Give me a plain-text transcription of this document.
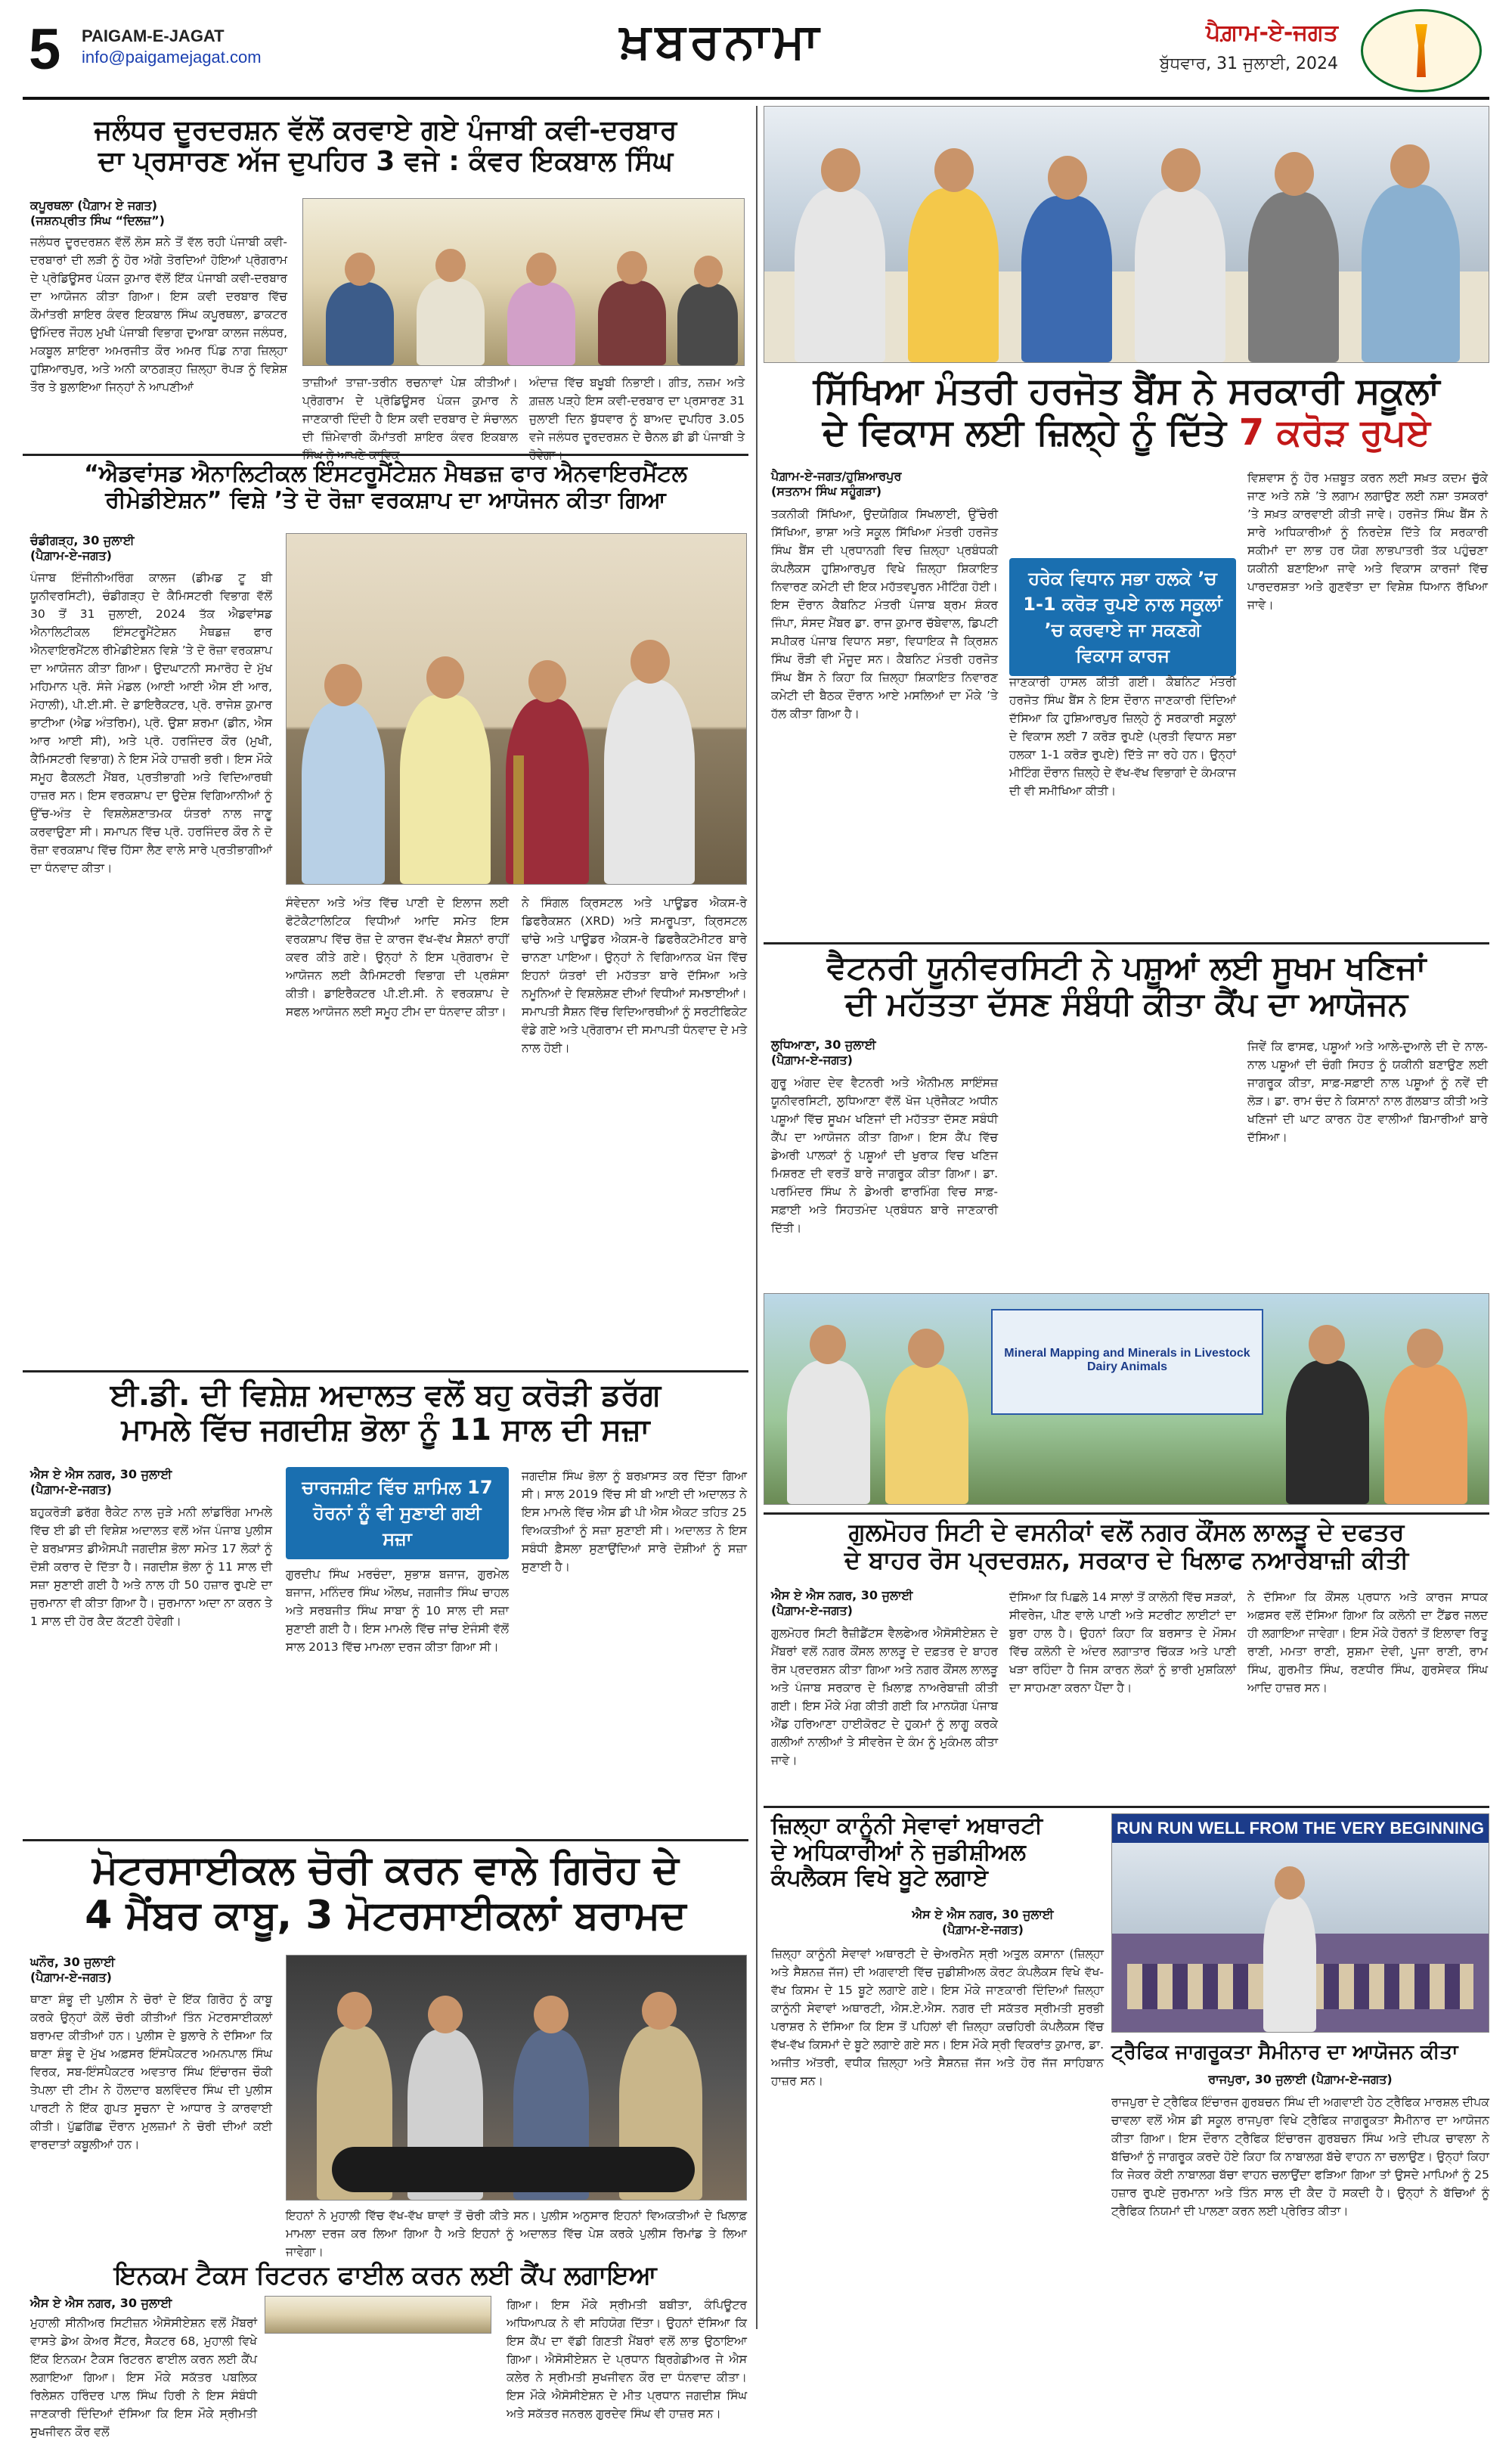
5 PAIGAM-E-JAGAT
info@paigamejagat.com	ਖ਼ਬਰਨਾਮਾ	ਪੈਗ਼ਾਮ-ਏ-ਜਗਤ
ਬੁੱਧਵਾਰ, 31 ਜੁਲਾਈ, 2024
ਜਲੰਧਰ ਦੂਰਦਰਸ਼ਨ ਵੱਲੋਂ ਕਰਵਾਏ ਗਏ ਪੰਜਾਬੀ ਕਵੀ-ਦਰਬਾਰ
ਦਾ ਪ੍ਰਸਾਰਣ ਅੱਜ ਦੁਪਹਿਰ 3 ਵਜੇ : ਕੰਵਰ ਇਕਬਾਲ ਸਿੰਘ
ਕਪੂਰਥਲਾ (ਪੈਗ਼ਾਮ ਏ ਜਗਤ)
(ਜਸ਼ਨਪ੍ਰੀਤ ਸਿੰਘ “ਦਿਲਜ਼”)
ਜਲੰਧਰ ਦੂਰਦਰਸ਼ਨ ਵੱਲੋਂ ਲੋਸ ਸ਼ਨੇ ਤੋਂ ਵੱਲ ਰਹੀ ਪੰਜਾਬੀ ਕਵੀ-ਦਰਬਾਰਾਂ ਦੀ ਲੜੀ ਨੂੰ ਹੋਰ ਅੱਗੇ ਤੋਰਦਿਆਂ ਹੋਇਆਂ ਪ੍ਰੋਗਰਾਮ ਦੇ ਪ੍ਰੋਡਿਊਸਰ ਪੰਕਜ ਕੁਮਾਰ ਵੱਲੋਂ ਇੱਕ ਪੰਜਾਬੀ ਕਵੀ-ਦਰਬਾਰ ਦਾ ਆਯੋਜਨ ਕੀਤਾ ਗਿਆ। ਇਸ ਕਵੀ ਦਰਬਾਰ ਵਿੱਚ ਕੌਮਾਂਤਰੀ ਸ਼ਾਇਰ ਕੰਵਰ ਇਕਬਾਲ ਸਿੰਘ ਕਪੂਰਥਲਾ, ਡਾਕਟਰ ਉਮਿੰਦਰ ਜੌਹਲ ਮੁਖੀ ਪੰਜਾਬੀ ਵਿਭਾਗ ਦੁਆਬਾ ਕਾਲਜ ਜਲੰਧਰ, ਮਕਬੂਲ ਸ਼ਾਇਰਾ ਅਮਰਜੀਤ ਕੌਰ ਅਮਰ ਪਿੰਡ ਨਾਗ ਜ਼ਿਲ੍ਹਾ ਹੁਸ਼ਿਆਰਪੁਰ, ਅਤੇ ਅਨੀ ਕਾਠਗੜ੍ਹ ਜ਼ਿਲ੍ਹਾ ਰੋਪੜ ਨੂੰ ਵਿਸ਼ੇਸ਼ ਤੌਰ ਤੇ ਬੁਲਾਇਆ ਜਿਨ੍ਹਾਂ ਨੇ ਆਪਣੀਆਂ	ਤਾਜ਼ੀਆਂ ਤਾਜ਼ਾ-ਤਰੀਨ ਰਚਨਾਵਾਂ ਪੇਸ਼ ਕੀਤੀਆਂ। ਪ੍ਰੋਗਰਾਮ ਦੇ ਪ੍ਰੋਡਿਊਸਰ ਪੰਕਜ ਕੁਮਾਰ ਨੇ ਜਾਣਕਾਰੀ ਦਿੰਦੀ ਹੈ ਇਸ ਕਵੀ ਦਰਬਾਰ ਦੇ ਸੰਚਾਲਨ ਦੀ ਜ਼ਿੰਮੇਵਾਰੀ ਕੌਮਾਂਤਰੀ ਸ਼ਾਇਰ ਕੰਵਰ ਇਕਬਾਲ
ਅੰਦਾਜ਼ ਵਿੱਚ ਬਖੂਬੀ ਨਿਭਾਈ। ਗੀਤ, ਨਜ਼ਮ ਅਤੇ ਗ਼ਜ਼ਲ ਪੜ੍ਹੇ ਇਸ ਕਵੀ-ਦਰਬਾਰ ਦਾ ਪ੍ਰਸਾਰਣ 31 ਜੁਲਾਈ ਦਿਨ ਬੁੱਧਵਾਰ ਨੂੰ ਬਾਅਦ ਦੁਪਹਿਰ 3.05 ਵਜੇ ਜਲੰਧਰ ਦੂਰਦਰਸ਼ਨ ਦੇ ਚੈਨਲ ਡੀ ਡੀ ਪੰਜਾਬੀ ਤੇ
“ਐਡਵਾਂਸਡ ਐਨਾਲਿਟੀਕਲ ਇੰਸਟਰੂਮੈਂਟੇਸ਼ਨ ਮੈਥਡਜ਼ ਫਾਰ ਐਨਵਾਇਰਮੈਂਟਲ
ਰੀਮੇਡੀਏਸ਼ਨ” ਵਿਸ਼ੇ ’ਤੇ ਦੋ ਰੋਜ਼ਾ ਵਰਕਸ਼ਾਪ ਦਾ ਆਯੋਜਨ ਕੀਤਾ ਗਿਆ
ਚੰਡੀਗੜ੍ਹ, 30 ਜੁਲਾਈ
(ਪੈਗ਼ਾਮ-ਏ-ਜਗਤ)
ਪੰਜਾਬ ਇੰਜੀਨੀਅਰਿੰਗ ਕਾਲਜ (ਡੀਮਡ ਟੂ ਬੀ ਯੂਨੀਵਰਸਿਟੀ), ਚੰਡੀਗੜ੍ਹ ਦੇ ਕੈਮਿਸਟਰੀ ਵਿਭਾਗ ਵੱਲੋਂ 30 ਤੋਂ 31 ਜੁਲਾਈ, 2024 ਤੱਕ ਐਡਵਾਂਸਡ ਐਨਾਲਿਟੀਕਲ ਇੰਸਟਰੂਮੈਂਟੇਸ਼ਨ ਮੈਥਡਜ਼ ਫਾਰ ਐਨਵਾਇਰਮੈਂਟਲ ਰੀਮੇਡੀਏਸ਼ਨ ਵਿਸ਼ੇ ’ਤੇ ਦੋ ਰੋਜ਼ਾ ਵਰਕਸ਼ਾਪ ਦਾ ਆਯੋਜਨ ਕੀਤਾ ਗਿਆ। ਉਦਘਾਟਨੀ ਸਮਾਰੋਹ ਦੇ ਮੁੱਖ ਮਹਿਮਾਨ ਪ੍ਰੋ. ਸੰਜੇ ਮੰਡਲ (ਆਈ ਆਈ ਐਸ ਈ ਆਰ, ਮੋਹਾਲੀ), ਪੀ.ਈ.ਸੀ. ਦੇ ਡਾਇਰੈਕਟਰ, ਪ੍ਰੋ. ਰਾਜੇਸ਼ ਕੁਮਾਰ ਭਾਟੀਆ (ਐਡ ਅੰਤਰਿਮ), ਪ੍ਰੋ. ਉਸ਼ਾ ਸ਼ਰਮਾ (ਡੀਨ, ਐਸ ਆਰ ਆਈ ਸੀ), ਅਤੇ ਪ੍ਰੋ. ਹਰਜਿੰਦਰ ਕੌਰ (ਮੁਖੀ, ਕੈਮਿਸਟਰੀ ਵਿਭਾਗ) ਨੇ ਇਸ ਮੌਕੇ ਹਾਜ਼ਰੀ ਭਰੀ। ਇਸ ਮੌਕੇ ਸਮੂਹ ਫੈਕਲਟੀ ਮੈਂਬਰ, ਪ੍ਰਤੀਭਾਗੀ ਅਤੇ ਵਿਦਿਆਰਥੀ ਹਾਜ਼ਰ ਸਨ। ਇਸ ਵਰਕਸ਼ਾਪ ਦਾ ਉਦੇਸ਼ ਵਿਗਿਆਨੀਆਂ ਨੂੰ ਉੱਚ-ਅੰਤ ਦੇ ਵਿਸ਼ਲੇਸ਼ਣਾਤਮਕ ਯੰਤਰਾਂ ਨਾਲ ਜਾਣੂ ਕਰਵਾਉਣਾ ਸੀ। ਸਮਾਪਨ ਵਿੱਚ ਪ੍ਰੋ. ਹਰਜਿੰਦਰ ਕੌਰ ਨੇ ਦੋ ਰੋਜ਼ਾ ਵਰਕਸ਼ਾਪ ਵਿੱਚ ਹਿੱਸਾ ਲੈਣ ਵਾਲੇ ਸਾਰੇ ਪ੍ਰਤੀਭਾਗੀਆਂ ਦਾ ਧੰਨਵਾਦ ਕੀਤਾ।
ਸੰਵੇਦਨਾ ਅਤੇ ਅੰਤ ਵਿੱਚ ਪਾਣੀ ਦੇ ਇਲਾਜ ਲਈ ਫੋਟੋਕੈਟਾਲਿਟਿਕ ਵਿਧੀਆਂ ਆਦਿ ਸਮੇਤ ਇਸ ਵਰਕਸ਼ਾਪ ਵਿੱਚ ਰੋਜ਼ ਦੇ ਕਾਰਜ ਵੱਖ-ਵੱਖ ਸੈਸ਼ਨਾਂ ਰਾਹੀਂ ਕਵਰ ਕੀਤੇ ਗਏ। ਉਨ੍ਹਾਂ ਨੇ ਇਸ ਪ੍ਰੋਗਰਾਮ ਦੇ ਆਯੋਜਨ ਲਈ ਕੈਮਿਸਟਰੀ ਵਿਭਾਗ ਦੀ ਪ੍ਰਸ਼ੰਸਾ ਕੀਤੀ। ਡਾਇਰੈਕਟਰ ਪੀ.ਈ.ਸੀ. ਨੇ ਵਰਕਸ਼ਾਪ ਦੇ ਸਫਲ ਆਯੋਜਨ ਲਈ ਸਮੂਹ ਟੀਮ ਦਾ ਧੰਨਵਾਦ ਕੀਤਾ।
ਨੇ ਸਿੰਗਲ ਕ੍ਰਿਸਟਲ ਅਤੇ ਪਾਊਡਰ ਐਕਸ-ਰੇ ਡਿਫਰੈਕਸ਼ਨ (XRD) ਅਤੇ ਸਮਰੂਪਤਾ, ਕ੍ਰਿਸਟਲ ਢਾਂਚੇ ਅਤੇ ਪਾਊਡਰ ਐਕਸ-ਰੇ ਡਿਫਰੈਕਟੋਮੀਟਰ ਬਾਰੇ ਚਾਨਣਾ ਪਾਇਆ। ਉਨ੍ਹਾਂ ਨੇ ਵਿਗਿਆਨਕ ਖੋਜ ਵਿੱਚ ਇਹਨਾਂ ਯੰਤਰਾਂ ਦੀ ਮਹੱਤਤਾ ਬਾਰੇ ਦੱਸਿਆ ਅਤੇ ਨਮੂਨਿਆਂ ਦੇ ਵਿਸ਼ਲੇਸ਼ਣ ਦੀਆਂ ਵਿਧੀਆਂ ਸਮਝਾਈਆਂ। ਸਮਾਪਤੀ ਸੈਸ਼ਨ ਵਿੱਚ ਵਿਦਿਆਰਥੀਆਂ ਨੂੰ ਸਰਟੀਫਿਕੇਟ ਵੰਡੇ ਗਏ ਅਤੇ ਪ੍ਰੋਗਰਾਮ ਦੀ ਸਮਾਪਤੀ ਧੰਨਵਾਦ ਦੇ ਮਤੇ ਨਾਲ ਹੋਈ।
ਈ.ਡੀ. ਦੀ ਵਿਸ਼ੇਸ਼ ਅਦਾਲਤ ਵਲੋਂ ਬਹੁ ਕਰੋੜੀ ਡਰੱਗ
ਮਾਮਲੇ ਵਿੱਚ ਜਗਦੀਸ਼ ਭੋਲਾ ਨੂੰ 11 ਸਾਲ ਦੀ ਸਜ਼ਾ
ਐਸ ਏ ਐਸ ਨਗਰ, 30 ਜੁਲਾਈ
(ਪੈਗ਼ਾਮ-ਏ-ਜਗਤ)
ਬਹੁਕਰੋੜੀ ਡਰੱਗ ਰੈਕੇਟ ਨਾਲ ਜੁੜੇ ਮਨੀ ਲਾਂਡਰਿੰਗ ਮਾਮਲੇ ਵਿੱਚ ਈ ਡੀ ਦੀ ਵਿਸ਼ੇਸ਼ ਅਦਾਲਤ ਵਲੋਂ ਅੱਜ ਪੰਜਾਬ ਪੁਲੀਸ ਦੇ ਬਰਖ਼ਾਸਤ ਡੀਐਸਪੀ ਜਗਦੀਸ਼ ਭੋਲਾ ਸਮੇਤ 17 ਲੋਕਾਂ ਨੂੰ ਦੋਸ਼ੀ ਕਰਾਰ ਦੇ ਦਿੱਤਾ ਹੈ। ਜਗਦੀਸ਼ ਭੋਲਾ ਨੂੰ 11 ਸਾਲ ਦੀ ਸਜ਼ਾ ਸੁਣਾਈ ਗਈ ਹੈ ਅਤੇ ਨਾਲ ਹੀ 50 ਹਜ਼ਾਰ ਰੁਪਏ ਦਾ ਜੁਰਮਾਨਾ ਵੀ ਕੀਤਾ ਗਿਆ ਹੈ। ਜੁਰਮਾਨਾ ਅਦਾ ਨਾ ਕਰਨ ਤੇ 1 ਸਾਲ ਦੀ ਹੋਰ ਕੈਦ ਕੱਟਣੀ ਹੋਵੇਗੀ।
ਚਾਰਜਸ਼ੀਟ ਵਿੱਚ ਸ਼ਾਮਿਲ 17 ਹੋਰਨਾਂ ਨੂੰ ਵੀ ਸੁਣਾਈ ਗਈ ਸਜ਼ਾ
ਗੁਰਦੀਪ ਸਿੰਘ ਮਰਚੰਦਾ, ਸੁਭਾਸ਼ ਬਜਾਜ, ਗੁਰਮੇਲ ਬਜਾਜ, ਮਨਿੰਦਰ ਸਿੰਘ ਔਲਖ, ਜਗਜੀਤ ਸਿੰਘ ਚਾਹਲ ਅਤੇ ਸਰਬਜੀਤ ਸਿੰਘ ਸਾਬਾ ਨੂੰ 10 ਸਾਲ ਦੀ ਸਜ਼ਾ ਸੁਣਾਈ ਗਈ ਹੈ। ਇਸ ਮਾਮਲੇ ਵਿੱਚ ਜਾਂਚ ਏਜੰਸੀ ਵੱਲੋਂ ਸਾਲ 2013 ਵਿੱਚ ਮਾਮਲਾ ਦਰਜ ਕੀਤਾ ਗਿਆ ਸੀ।
ਜਗਦੀਸ਼ ਸਿੰਘ ਭੋਲਾ ਨੂੰ ਬਰਖ਼ਾਸਤ ਕਰ ਦਿੱਤਾ ਗਿਆ ਸੀ। ਸਾਲ 2019 ਵਿੱਚ ਸੀ ਬੀ ਆਈ ਦੀ ਅਦਾਲਤ ਨੇ ਇਸ ਮਾਮਲੇ ਵਿੱਚ ਐਸ ਡੀ ਪੀ ਐਸ ਐਕਟ ਤਹਿਤ 25 ਵਿਅਕਤੀਆਂ ਨੂੰ ਸਜ਼ਾ ਸੁਣਾਈ ਸੀ। ਅਦਾਲਤ ਨੇ ਇਸ ਸਬੰਧੀ ਫ਼ੈਸਲਾ ਸੁਣਾਉਂਦਿਆਂ ਸਾਰੇ ਦੋਸ਼ੀਆਂ ਨੂੰ ਸਜ਼ਾ ਸੁਣਾਈ ਹੈ।
ਮੋਟਰਸਾਈਕਲ ਚੋਰੀ ਕਰਨ ਵਾਲੇ ਗਿਰੋਹ ਦੇ
4 ਮੈਂਬਰ ਕਾਬੂ, 3 ਮੋਟਰਸਾਈਕਲਾਂ ਬਰਾਮਦ
ਘਨੌਰ, 30 ਜੁਲਾਈ
(ਪੈਗ਼ਾਮ-ਏ-ਜਗਤ)
ਥਾਣਾ ਸ਼ੰਭੂ ਦੀ ਪੁਲੀਸ ਨੇ ਚੋਰਾਂ ਦੇ ਇੱਕ ਗਿਰੋਹ ਨੂੰ ਕਾਬੂ ਕਰਕੇ ਉਨ੍ਹਾਂ ਕੋਲੋਂ ਚੋਰੀ ਕੀਤੀਆਂ ਤਿੰਨ ਮੋਟਰਸਾਈਕਲਾਂ ਬਰਾਮਦ ਕੀਤੀਆਂ ਹਨ। ਪੁਲੀਸ ਦੇ ਬੁਲਾਰੇ ਨੇ ਦੱਸਿਆ ਕਿ ਥਾਣਾ ਸ਼ੰਭੂ ਦੇ ਮੁੱਖ ਅਫ਼ਸਰ ਇੰਸਪੈਕਟਰ ਅਮਨਪਾਲ ਸਿੰਘ ਵਿਰਕ, ਸਬ-ਇੰਸਪੈਕਟਰ ਅਵਤਾਰ ਸਿੰਘ ਇੰਚਾਰਜ ਚੌਕੀ ਤੇਪਲਾ ਦੀ ਟੀਮ ਨੇ ਹੌਲਦਾਰ ਬਲਵਿੰਦਰ ਸਿੰਘ ਦੀ ਪੁਲੀਸ ਪਾਰਟੀ ਨੇ ਇੱਕ ਗੁਪਤ ਸੂਚਨਾ ਦੇ ਆਧਾਰ ਤੇ ਕਾਰਵਾਈ ਕੀਤੀ। ਪੁੱਛਗਿੱਛ ਦੌਰਾਨ ਮੁਲਜ਼ਮਾਂ ਨੇ ਚੋਰੀ ਦੀਆਂ ਕਈ ਵਾਰਦਾਤਾਂ ਕਬੂਲੀਆਂ ਹਨ।
ਇਹਨਾਂ ਨੇ ਮੁਹਾਲੀ ਵਿੱਚ ਵੱਖ-ਵੱਖ ਥਾਵਾਂ ਤੋਂ ਚੋਰੀ ਕੀਤੇ ਸਨ। ਪੁਲੀਸ ਅਨੁਸਾਰ ਇਹਨਾਂ ਵਿਅਕਤੀਆਂ ਦੇ ਖਿਲਾਫ਼ ਮਾਮਲਾ ਦਰਜ ਕਰ ਲਿਆ ਗਿਆ ਹੈ ਅਤੇ ਇਹਨਾਂ ਨੂੰ ਅਦਾਲਤ ਵਿੱਚ ਪੇਸ਼ ਕਰਕੇ ਪੁਲੀਸ ਰਿਮਾਂਡ ਤੇ ਲਿਆ ਜਾਵੇਗਾ।
ਇਨਕਮ ਟੈਕਸ ਰਿਟਰਨ ਫਾਈਲ ਕਰਨ ਲਈ ਕੈਂਪ ਲਗਾਇਆ
ਐਸ ਏ ਐਸ ਨਗਰ, 30 ਜੁਲਾਈ
ਮੁਹਾਲੀ ਸੀਨੀਅਰ ਸਿਟੀਜ਼ਨ ਐਸੋਸੀਏਸ਼ਨ ਵਲੋਂ ਮੈਂਬਰਾਂ ਵਾਸਤੇ ਡੇਅ ਕੇਅਰ ਸੈਂਟਰ, ਸੈਕਟਰ 68, ਮੁਹਾਲੀ ਵਿਖੇ ਇੱਕ ਇਨਕਮ ਟੈਕਸ ਰਿਟਰਨ ਫਾਈਲ ਕਰਨ ਲਈ ਕੈਂਪ ਲਗਾਇਆ ਗਿਆ। ਇਸ ਮੌਕੇ ਸਕੱਤਰ ਪਬਲਿਕ ਰਿਲੇਸ਼ਨ ਹਰਿੰਦਰ ਪਾਲ ਸਿੰਘ ਹਿਰੀ ਨੇ ਇਸ ਸੰਬੰਧੀ ਜਾਣਕਾਰੀ ਦਿੰਦਿਆਂ ਦੱਸਿਆ ਕਿ ਇਸ ਮੌਕੇ ਸ੍ਰੀਮਤੀ ਸੁਖਜੀਵਨ ਕੌਰ ਵਲੋਂ
ਗਿਆ। ਇਸ ਮੌਕੇ ਸ੍ਰੀਮਤੀ ਬਬੀਤਾ, ਕੰਪਿਊਟਰ ਅਧਿਆਪਕ ਨੇ ਵੀ ਸਹਿਯੋਗ ਦਿੱਤਾ। ਉਹਨਾਂ ਦੱਸਿਆ ਕਿ ਇਸ ਕੈਂਪ ਦਾ ਵੱਡੀ ਗਿਣਤੀ ਮੈਂਬਰਾਂ ਵਲੋਂ ਲਾਭ ਉਠਾਇਆ ਗਿਆ। ਐਸੋਸੀਏਸ਼ਨ ਦੇ ਪ੍ਰਧਾਨ ਬ੍ਰਿਗੇਡੀਅਰ ਜੇ ਐਸ ਕਲੇਰ ਨੇ ਸ੍ਰੀਮਤੀ ਸੁਖਜੀਵਨ ਕੌਰ ਦਾ ਧੰਨਵਾਦ ਕੀਤਾ। ਇਸ ਮੌਕੇ ਐਸੋਸੀਏਸ਼ਨ ਦੇ ਮੀਤ ਪ੍ਰਧਾਨ ਜਗਦੀਸ਼ ਸਿੰਘ ਅਤੇ ਸਕੱਤਰ ਜਨਰਲ ਗੁਰਦੇਵ ਸਿੰਘ ਵੀ ਹਾਜ਼ਰ ਸਨ।
ਸਿੱਖਿਆ ਮੰਤਰੀ ਹਰਜੋਤ ਬੈਂਸ ਨੇ ਸਰਕਾਰੀ ਸਕੂਲਾਂ
ਦੇ ਵਿਕਾਸ ਲਈ ਜ਼ਿਲ੍ਹੇ ਨੂੰ ਦਿੱਤੇ 7 ਕਰੋੜ ਰੁਪਏ
ਪੈਗ਼ਾਮ-ਏ-ਜਗਤ/ਹੁਸ਼ਿਆਰਪੁਰ
(ਸਤਨਾਮ ਸਿੰਘ ਸਹੂੰਗੜਾ)
ਤਕਨੀਕੀ ਸਿੱਖਿਆ, ਉਦਯੋਗਿਕ ਸਿਖਲਾਈ, ਉੱਚੇਰੀ ਸਿੱਖਿਆ, ਭਾਸ਼ਾ ਅਤੇ ਸਕੂਲ ਸਿੱਖਿਆ ਮੰਤਰੀ ਹਰਜੋਤ ਸਿੰਘ ਬੈਂਸ ਦੀ ਪ੍ਰਧਾਨਗੀ ਵਿਚ ਜ਼ਿਲ੍ਹਾ ਪ੍ਰਬੰਧਕੀ ਕੰਪਲੈਕਸ ਹੁਸ਼ਿਆਰਪੁਰ ਵਿਖੇ ਜ਼ਿਲ੍ਹਾ ਸ਼ਿਕਾਇਤ ਨਿਵਾਰਣ ਕਮੇਟੀ ਦੀ ਇਕ ਮਹੱਤਵਪੂਰਨ ਮੀਟਿੰਗ ਹੋਈ। ਇਸ ਦੌਰਾਨ ਕੈਬਨਿਟ ਮੰਤਰੀ ਪੰਜਾਬ ਬ੍ਰਮ ਸ਼ੰਕਰ ਜਿੰਪਾ, ਸੰਸਦ ਮੈਂਬਰ ਡਾ. ਰਾਜ ਕੁਮਾਰ ਚੱਬੇਵਾਲ, ਡਿਪਟੀ ਸਪੀਕਰ ਪੰਜਾਬ ਵਿਧਾਨ ਸਭਾ, ਵਿਧਾਇਕ ਜੈ ਕ੍ਰਿਸ਼ਨ ਸਿੰਘ ਰੌੜੀ ਵੀ ਮੌਜੂਦ ਸਨ। ਕੈਬਨਿਟ ਮੰਤਰੀ ਹਰਜੋਤ ਸਿੰਘ ਬੈਂਸ ਨੇ ਕਿਹਾ ਕਿ ਜ਼ਿਲ੍ਹਾ ਸ਼ਿਕਾਇਤ ਨਿਵਾਰਣ ਕਮੇਟੀ ਦੀ ਬੈਠਕ ਦੌਰਾਨ ਆਏ ਮਸਲਿਆਂ ਦਾ ਮੌਕੇ ’ਤੇ ਹੱਲ ਕੀਤਾ ਗਿਆ ਹੈ।
ਹਰੇਕ ਵਿਧਾਨ ਸਭਾ ਹਲਕੇ ’ਚ 1-1 ਕਰੋੜ ਰੁਪਏ ਨਾਲ ਸਕੂਲਾਂ ’ਚ ਕਰਵਾਏ ਜਾ ਸਕਣਗੇ ਵਿਕਾਸ ਕਾਰਜ
ਜਾਣਕਾਰੀ ਹਾਸਲ ਕੀਤੀ ਗਈ। ਕੈਬਨਿਟ ਮੰਤਰੀ ਹਰਜੋਤ ਸਿੰਘ ਬੈਂਸ ਨੇ ਇਸ ਦੌਰਾਨ ਜਾਣਕਾਰੀ ਦਿੰਦਿਆਂ ਦੱਸਿਆ ਕਿ ਹੁਸ਼ਿਆਰਪੁਰ ਜ਼ਿਲ੍ਹੇ ਨੂੰ ਸਰਕਾਰੀ ਸਕੂਲਾਂ ਦੇ ਵਿਕਾਸ ਲਈ 7 ਕਰੋੜ ਰੁਪਏ (ਪ੍ਰਤੀ ਵਿਧਾਨ ਸਭਾ ਹਲਕਾ 1-1 ਕਰੋੜ ਰੁਪਏ) ਦਿੱਤੇ ਜਾ ਰਹੇ ਹਨ। ਉਨ੍ਹਾਂ ਮੀਟਿੰਗ ਦੌਰਾਨ ਜ਼ਿਲ੍ਹੇ ਦੇ ਵੱਖ-ਵੱਖ ਵਿਭਾਗਾਂ ਦੇ ਕੰਮਕਾਜ ਦੀ ਵੀ ਸਮੀਖਿਆ ਕੀਤੀ।
ਵਿਸ਼ਵਾਸ ਨੂੰ ਹੋਰ ਮਜ਼ਬੂਤ ਕਰਨ ਲਈ ਸਖ਼ਤ ਕਦਮ ਚੁੱਕੇ ਜਾਣ ਅਤੇ ਨਸ਼ੇ ’ਤੇ ਲਗਾਮ ਲਗਾਉਣ ਲਈ ਨਸ਼ਾ ਤਸਕਰਾਂ ’ਤੇ ਸਖ਼ਤ ਕਾਰਵਾਈ ਕੀਤੀ ਜਾਵੇ। ਹਰਜੋਤ ਸਿੰਘ ਬੈਂਸ ਨੇ ਸਾਰੇ ਅਧਿਕਾਰੀਆਂ ਨੂੰ ਨਿਰਦੇਸ਼ ਦਿੱਤੇ ਕਿ ਸਰਕਾਰੀ ਸਕੀਮਾਂ ਦਾ ਲਾਭ ਹਰ ਯੋਗ ਲਾਭਪਾਤਰੀ ਤੱਕ ਪਹੁੰਚਣਾ ਯਕੀਨੀ ਬਣਾਇਆ ਜਾਵੇ ਅਤੇ ਵਿਕਾਸ ਕਾਰਜਾਂ ਵਿੱਚ ਪਾਰਦਰਸ਼ਤਾ ਅਤੇ ਗੁਣਵੱਤਾ ਦਾ ਵਿਸ਼ੇਸ਼ ਧਿਆਨ ਰੱਖਿਆ ਜਾਵੇ।
ਵੈਟਨਰੀ ਯੂਨੀਵਰਸਿਟੀ ਨੇ ਪਸ਼ੂਆਂ ਲਈ ਸੂਖਮ ਖਣਿਜਾਂ
ਦੀ ਮਹੱਤਤਾ ਦੱਸਣ ਸੰਬੰਧੀ ਕੀਤਾ ਕੈਂਪ ਦਾ ਆਯੋਜਨ
ਲੁਧਿਆਣਾ, 30 ਜੁਲਾਈ
(ਪੈਗ਼ਾਮ-ਏ-ਜਗਤ)
ਗੁਰੂ ਅੰਗਦ ਦੇਵ ਵੈਟਨਰੀ ਅਤੇ ਐਨੀਮਲ ਸਾਇੰਸਜ਼ ਯੂਨੀਵਰਸਿਟੀ, ਲੁਧਿਆਣਾ ਵੱਲੋਂ ਖੋਜ ਪ੍ਰੋਜੈਕਟ ਅਧੀਨ ਪਸ਼ੂਆਂ ਵਿੱਚ ਸੂਖਮ ਖਣਿਜਾਂ ਦੀ ਮਹੱਤਤਾ ਦੱਸਣ ਸਬੰਧੀ ਕੈਂਪ ਦਾ ਆਯੋਜਨ ਕੀਤਾ ਗਿਆ। ਇਸ ਕੈਂਪ ਵਿੱਚ ਡੇਅਰੀ ਪਾਲਕਾਂ ਨੂੰ ਪਸ਼ੂਆਂ ਦੀ ਖੁਰਾਕ ਵਿਚ ਖਣਿਜ ਮਿਸ਼ਰਣ ਦੀ ਵਰਤੋਂ ਬਾਰੇ ਜਾਗਰੂਕ ਕੀਤਾ ਗਿਆ। ਡਾ. ਪਰਮਿੰਦਰ ਸਿੰਘ ਨੇ ਡੇਅਰੀ ਫਾਰਮਿੰਗ ਵਿਚ ਸਾਫ਼-ਸਫ਼ਾਈ ਅਤੇ ਸਿਹਤਮੰਦ ਪ੍ਰਬੰਧਨ ਬਾਰੇ ਜਾਣਕਾਰੀ ਦਿੱਤੀ।
ਜਿਵੇਂ ਕਿ ਫਾਸਫ, ਪਸ਼ੂਆਂ ਅਤੇ ਆਲੇ-ਦੁਆਲੇ ਦੀ ਦੇ ਨਾਲ-ਨਾਲ ਪਸ਼ੂਆਂ ਦੀ ਚੰਗੀ ਸਿਹਤ ਨੂੰ ਯਕੀਨੀ ਬਣਾਉਣ ਲਈ ਜਾਗਰੂਕ ਕੀਤਾ, ਸਾਫ਼-ਸਫ਼ਾਈ ਨਾਲ ਪਸ਼ੂਆਂ ਨੂੰ ਨਵੇਂ ਦੀ ਲੋੜ। ਡਾ. ਰਾਮ ਚੰਦ ਨੇ ਕਿਸਾਨਾਂ ਨਾਲ ਗੱਲਬਾਤ ਕੀਤੀ ਅਤੇ ਖਣਿਜਾਂ ਦੀ ਘਾਟ ਕਾਰਨ ਹੋਣ ਵਾਲੀਆਂ ਬਿਮਾਰੀਆਂ ਬਾਰੇ ਦੱਸਿਆ।
Mineral Mapping and Minerals in Livestock Dairy Animals
ਗੁਲਮੋਹਰ ਸਿਟੀ ਦੇ ਵਸਨੀਕਾਂ ਵਲੋਂ ਨਗਰ ਕੌਂਸਲ ਲਾਲੜੂ ਦੇ ਦਫਤਰ
ਦੇ ਬਾਹਰ ਰੋਸ ਪ੍ਰਦਰਸ਼ਨ, ਸਰਕਾਰ ਦੇ ਖਿਲਾਫ ਨਆਰੇਬਾਜ਼ੀ ਕੀਤੀ
ਐਸ ਏ ਐਸ ਨਗਰ, 30 ਜੁਲਾਈ
(ਪੈਗ਼ਾਮ-ਏ-ਜਗਤ)
ਗੁਲਮੋਹਰ ਸਿਟੀ ਰੈਜ਼ੀਡੈਂਟਸ ਵੈਲਫੇਅਰ ਐਸੋਸੀਏਸ਼ਨ ਦੇ ਮੈਂਬਰਾਂ ਵਲੋਂ ਨਗਰ ਕੌਂਸਲ ਲਾਲੜੂ ਦੇ ਦਫ਼ਤਰ ਦੇ ਬਾਹਰ ਰੋਸ ਪ੍ਰਦਰਸ਼ਨ ਕੀਤਾ ਗਿਆ ਅਤੇ ਨਗਰ ਕੌਂਸਲ ਲਾਲੜੂ ਅਤੇ ਪੰਜਾਬ ਸਰਕਾਰ ਦੇ ਖ਼ਿਲਾਫ਼ ਨਾਅਰੇਬਾਜ਼ੀ ਕੀਤੀ ਗਈ। ਇਸ ਮੌਕੇ ਮੰਗ ਕੀਤੀ ਗਈ ਕਿ ਮਾਨਯੋਗ ਪੰਜਾਬ ਐਂਡ ਹਰਿਆਣਾ ਹਾਈਕੋਰਟ ਦੇ ਹੁਕਮਾਂ ਨੂੰ ਲਾਗੂ ਕਰਕੇ ਗਲੀਆਂ ਨਾਲੀਆਂ ਤੇ ਸੀਵਰੇਜ ਦੇ ਕੰਮ ਨੂੰ ਮੁਕੰਮਲ ਕੀਤਾ ਜਾਵੇ।
ਦੱਸਿਆ ਕਿ ਪਿਛਲੇ 14 ਸਾਲਾਂ ਤੋਂ ਕਾਲੋਨੀ ਵਿੱਚ ਸੜਕਾਂ, ਸੀਵਰੇਜ, ਪੀਣ ਵਾਲੇ ਪਾਣੀ ਅਤੇ ਸਟਰੀਟ ਲਾਈਟਾਂ ਦਾ ਬੁਰਾ ਹਾਲ ਹੈ। ਉਹਨਾਂ ਕਿਹਾ ਕਿ ਬਰਸਾਤ ਦੇ ਮੌਸਮ ਵਿੱਚ ਕਲੋਨੀ ਦੇ ਅੰਦਰ ਲਗਾਤਾਰ ਚਿੱਕੜ ਅਤੇ ਪਾਣੀ ਖੜਾ ਰਹਿੰਦਾ ਹੈ ਜਿਸ ਕਾਰਨ ਲੋਕਾਂ ਨੂੰ ਭਾਰੀ ਮੁਸ਼ਕਿਲਾਂ ਦਾ ਸਾਹਮਣਾ ਕਰਨਾ ਪੈਂਦਾ ਹੈ।
ਨੇ ਦੱਸਿਆ ਕਿ ਕੌਂਸਲ ਪ੍ਰਧਾਨ ਅਤੇ ਕਾਰਜ ਸਾਧਕ ਅਫ਼ਸਰ ਵਲੋਂ ਦੱਸਿਆ ਗਿਆ ਕਿ ਕਲੋਨੀ ਦਾ ਟੈਂਡਰ ਜਲਦ ਹੀ ਲਗਾਇਆ ਜਾਵੇਗਾ। ਇਸ ਮੌਕੇ ਹੋਰਨਾਂ ਤੋਂ ਇਲਾਵਾ ਰਿਤੂ ਰਾਣੀ, ਮਮਤਾ ਰਾਣੀ, ਸੁਸ਼ਮਾ ਦੇਵੀ, ਪੂਜਾ ਰਾਣੀ, ਰਾਮ ਸਿੰਘ, ਗੁਰਮੀਤ ਸਿੰਘ, ਰਣਧੀਰ ਸਿੰਘ, ਗੁਰਸੇਵਕ ਸਿੰਘ ਆਦਿ ਹਾਜ਼ਰ ਸਨ।
ਜ਼ਿਲ੍ਹਾ ਕਾਨੂੰਨੀ ਸੇਵਾਵਾਂ ਅਥਾਰਟੀ
ਦੇ ਅਧਿਕਾਰੀਆਂ ਨੇ ਜੁਡੀਸ਼ੀਅਲ
ਕੰਪਲੈਕਸ ਵਿਖੇ ਬੂਟੇ ਲਗਾਏ
ਐਸ ਏ ਐਸ ਨਗਰ, 30 ਜੁਲਾਈ
(ਪੈਗ਼ਾਮ-ਏ-ਜਗਤ)
ਜ਼ਿਲ੍ਹਾ ਕਾਨੂੰਨੀ ਸੇਵਾਵਾਂ ਅਥਾਰਟੀ ਦੇ ਚੇਅਰਮੈਨ ਸ੍ਰੀ ਅਤੁਲ ਕਸਾਨਾ (ਜ਼ਿਲ੍ਹਾ ਅਤੇ ਸੈਸ਼ਨਜ਼ ਜੱਜ) ਦੀ ਅਗਵਾਈ ਵਿੱਚ ਜੁਡੀਸ਼ੀਅਲ ਕੋਰਟ ਕੰਪਲੈਕਸ ਵਿਖੇ ਵੱਖ-ਵੱਖ ਕਿਸਮ ਦੇ 15 ਬੂਟੇ ਲਗਾਏ ਗਏ। ਇਸ ਮੌਕੇ ਜਾਣਕਾਰੀ ਦਿੰਦਿਆਂ ਜ਼ਿਲ੍ਹਾ ਕਾਨੂੰਨੀ ਸੇਵਾਵਾਂ ਅਥਾਰਟੀ, ਐਸ.ਏ.ਐਸ. ਨਗਰ ਦੀ ਸਕੱਤਰ ਸ੍ਰੀਮਤੀ ਸੁਰਭੀ ਪਰਾਸ਼ਰ ਨੇ ਦੱਸਿਆ ਕਿ ਇਸ ਤੋਂ ਪਹਿਲਾਂ ਵੀ ਜ਼ਿਲ੍ਹਾ ਕਚਹਿਰੀ ਕੰਪਲੈਕਸ ਵਿੱਚ ਵੱਖ-ਵੱਖ ਕਿਸਮਾਂ ਦੇ ਬੂਟੇ ਲਗਾਏ ਗਏ ਸਨ। ਇਸ ਮੌਕੇ ਸ੍ਰੀ ਵਿਕਰਾਂਤ ਕੁਮਾਰ, ਡਾ. ਅਜੀਤ ਅੱਤਰੀ, ਵਧੀਕ ਜ਼ਿਲ੍ਹਾ ਅਤੇ ਸੈਸ਼ਨਜ਼ ਜੱਜ ਅਤੇ ਹੋਰ ਜੱਜ ਸਾਹਿਬਾਨ ਹਾਜ਼ਰ ਸਨ।
RUN RUN WELL FROM THE VERY BEGINNING
ਟ੍ਰੈਫਿਕ ਜਾਗਰੂਕਤਾ ਸੈਮੀਨਾਰ ਦਾ ਆਯੋਜਨ ਕੀਤਾ
ਰਾਜਪੁਰਾ, 30 ਜੁਲਾਈ (ਪੈਗ਼ਾਮ-ਏ-ਜਗਤ)
ਰਾਜਪੁਰਾ ਦੇ ਟ੍ਰੈਫਿਕ ਇੰਚਾਰਜ ਗੁਰਬਚਨ ਸਿੰਘ ਦੀ ਅਗਵਾਈ ਹੇਠ ਟ੍ਰੈਫਿਕ ਮਾਰਸ਼ਲ ਦੀਪਕ ਚਾਵਲਾ ਵਲੋਂ ਐਸ ਡੀ ਸਕੂਲ ਰਾਜਪੁਰਾ ਵਿਖੇ ਟ੍ਰੈਫਿਕ ਜਾਗਰੂਕਤਾ ਸੈਮੀਨਾਰ ਦਾ ਆਯੋਜਨ ਕੀਤਾ ਗਿਆ। ਇਸ ਦੌਰਾਨ ਟ੍ਰੈਫਿਕ ਇੰਚਾਰਜ ਗੁਰਬਚਨ ਸਿੰਘ ਅਤੇ ਦੀਪਕ ਚਾਵਲਾ ਨੇ ਬੱਚਿਆਂ ਨੂੰ ਜਾਗਰੂਕ ਕਰਦੇ ਹੋਏ ਕਿਹਾ ਕਿ ਨਾਬਾਲਗ ਬੱਚੇ ਵਾਹਨ ਨਾ ਚਲਾਉਣ। ਉਨ੍ਹਾਂ ਕਿਹਾ ਕਿ ਜੇਕਰ ਕੋਈ ਨਾਬਾਲਗ ਬੱਚਾ ਵਾਹਨ ਚਲਾਉਂਦਾ ਫੜਿਆ ਗਿਆ ਤਾਂ ਉਸਦੇ ਮਾਪਿਆਂ ਨੂੰ 25 ਹਜ਼ਾਰ ਰੁਪਏ ਜੁਰਮਾਨਾ ਅਤੇ ਤਿੰਨ ਸਾਲ ਦੀ ਕੈਦ ਹੋ ਸਕਦੀ ਹੈ। ਉਨ੍ਹਾਂ ਨੇ ਬੱਚਿਆਂ ਨੂੰ ਟ੍ਰੈਫਿਕ ਨਿਯਮਾਂ ਦੀ ਪਾਲਣਾ ਕਰਨ ਲਈ ਪ੍ਰੇਰਿਤ ਕੀਤਾ।
